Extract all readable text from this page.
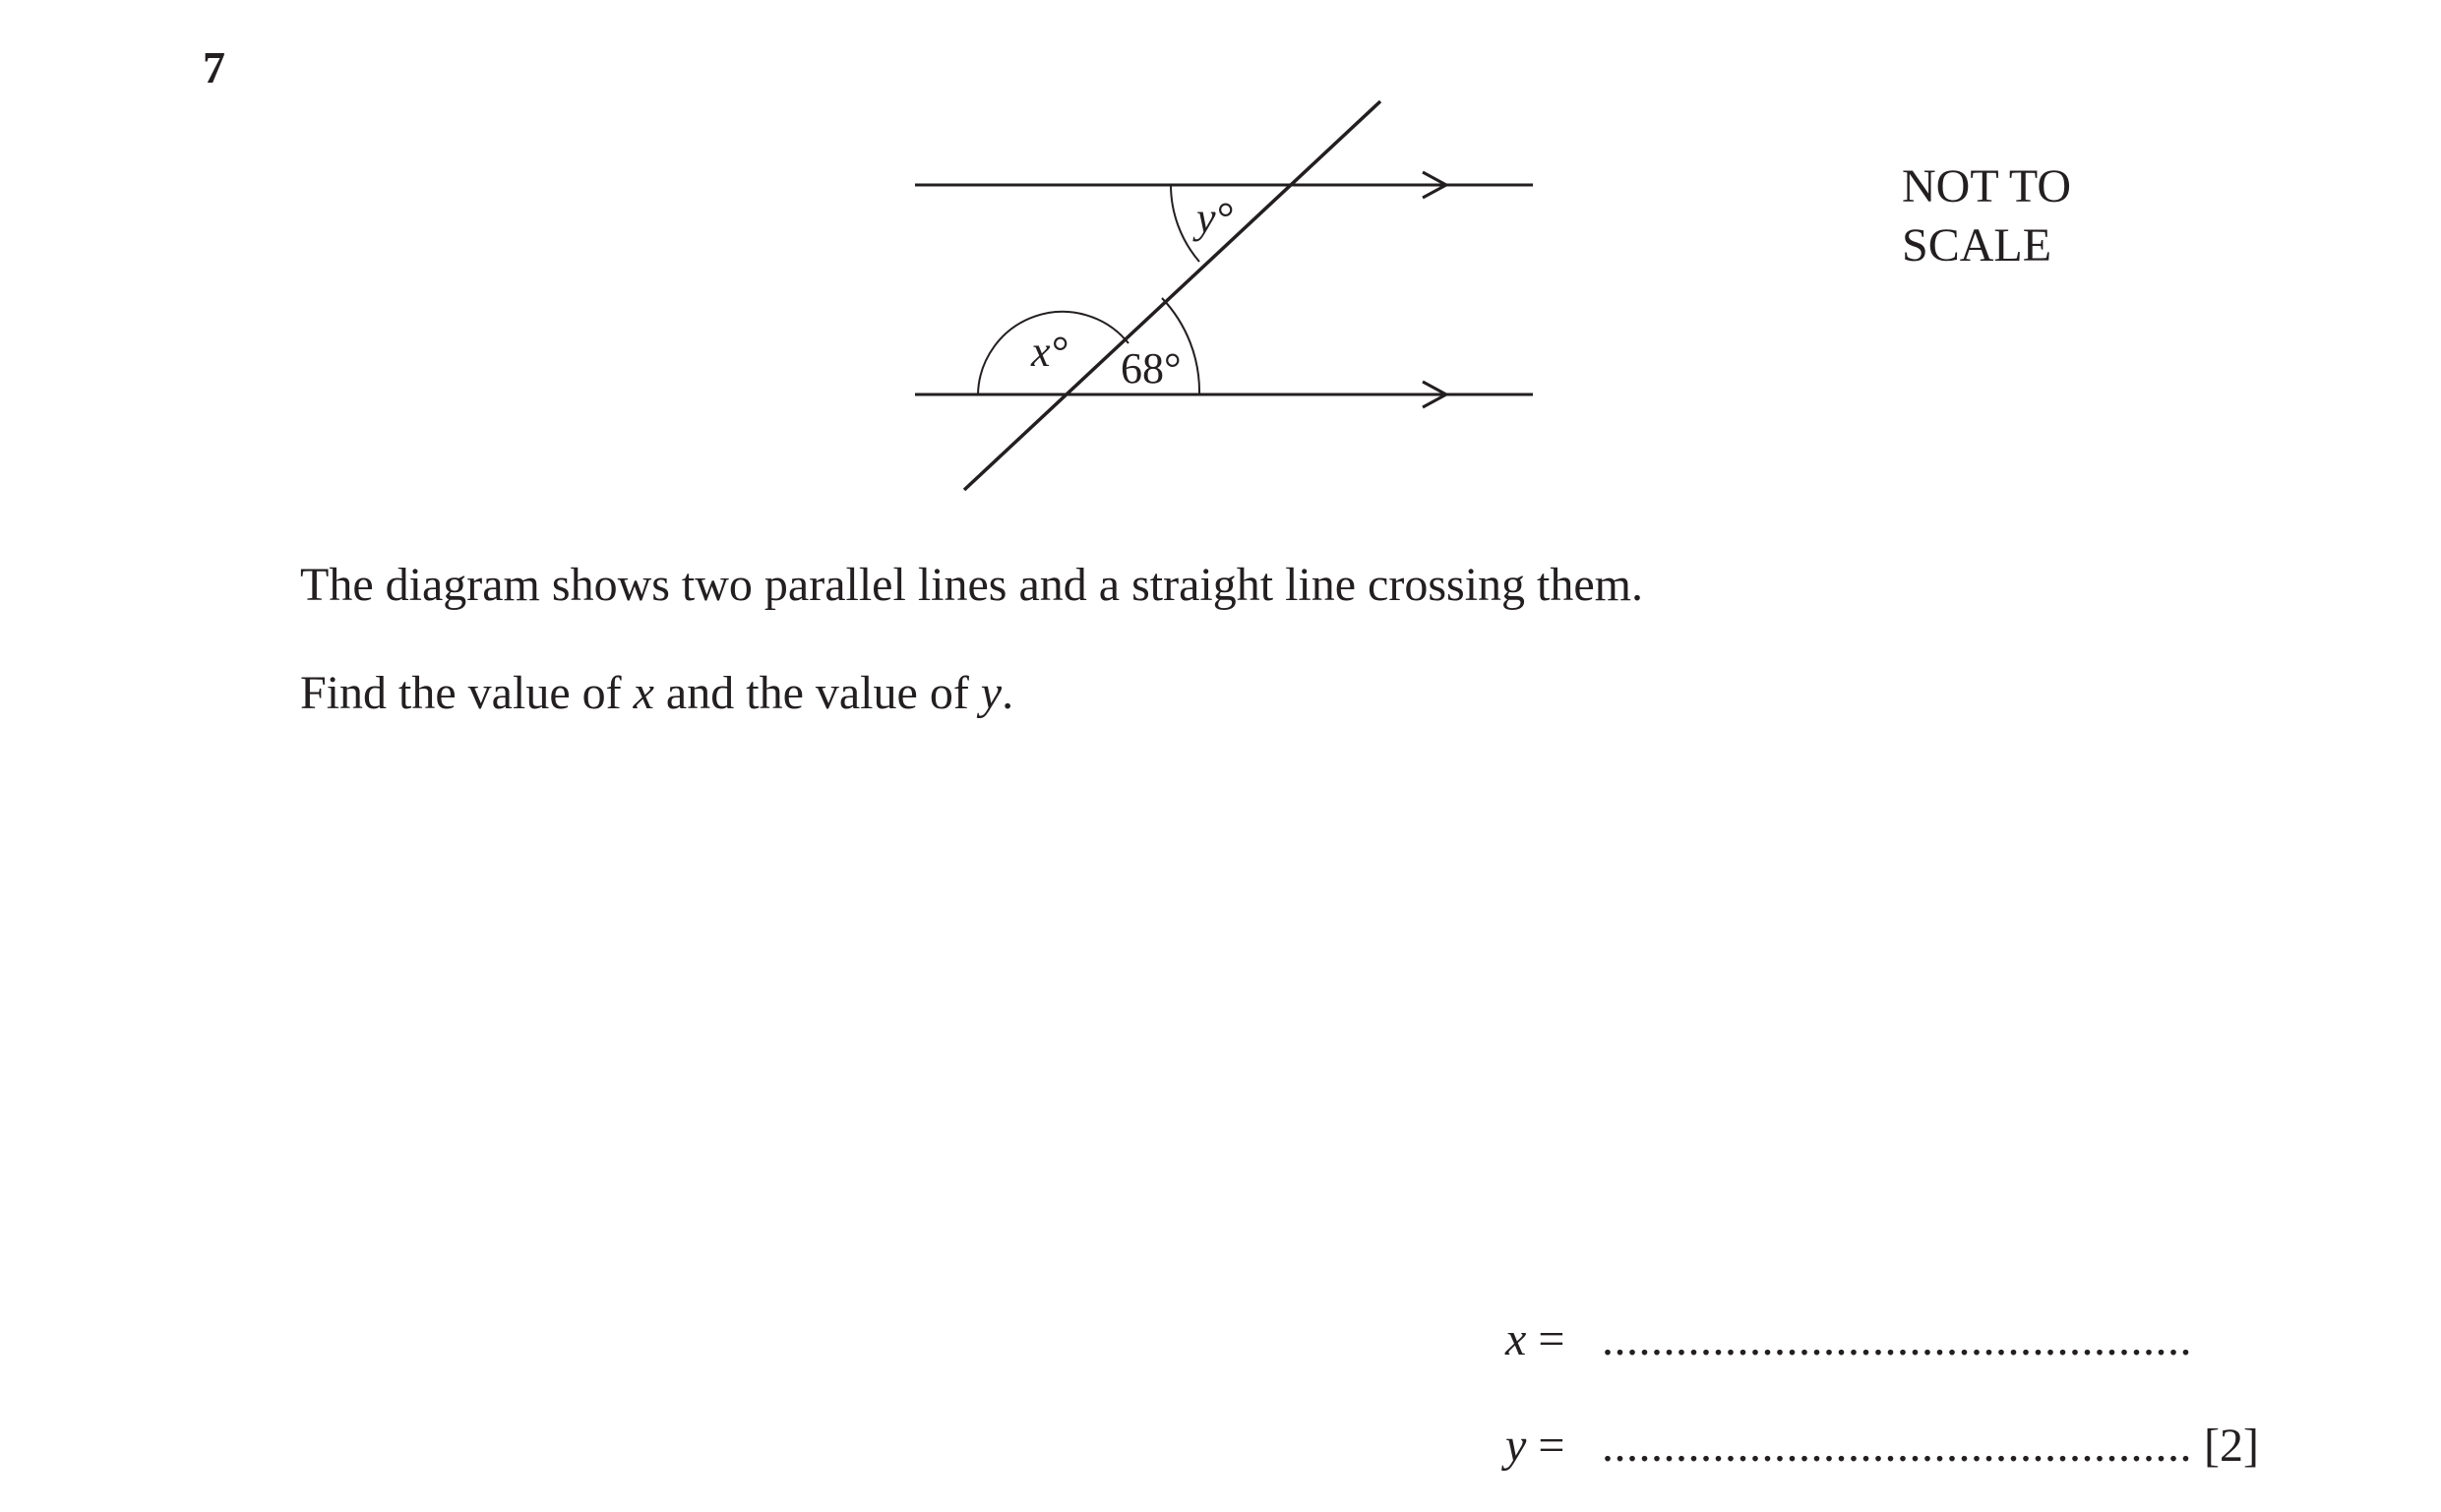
7
NOT TO
SCALE
y°
x° 68°
The diagram shows two parallel lines and a straight line crossing them.
Find the value of x and the value of y.
x = ................................................
y = ................................................ [2]
